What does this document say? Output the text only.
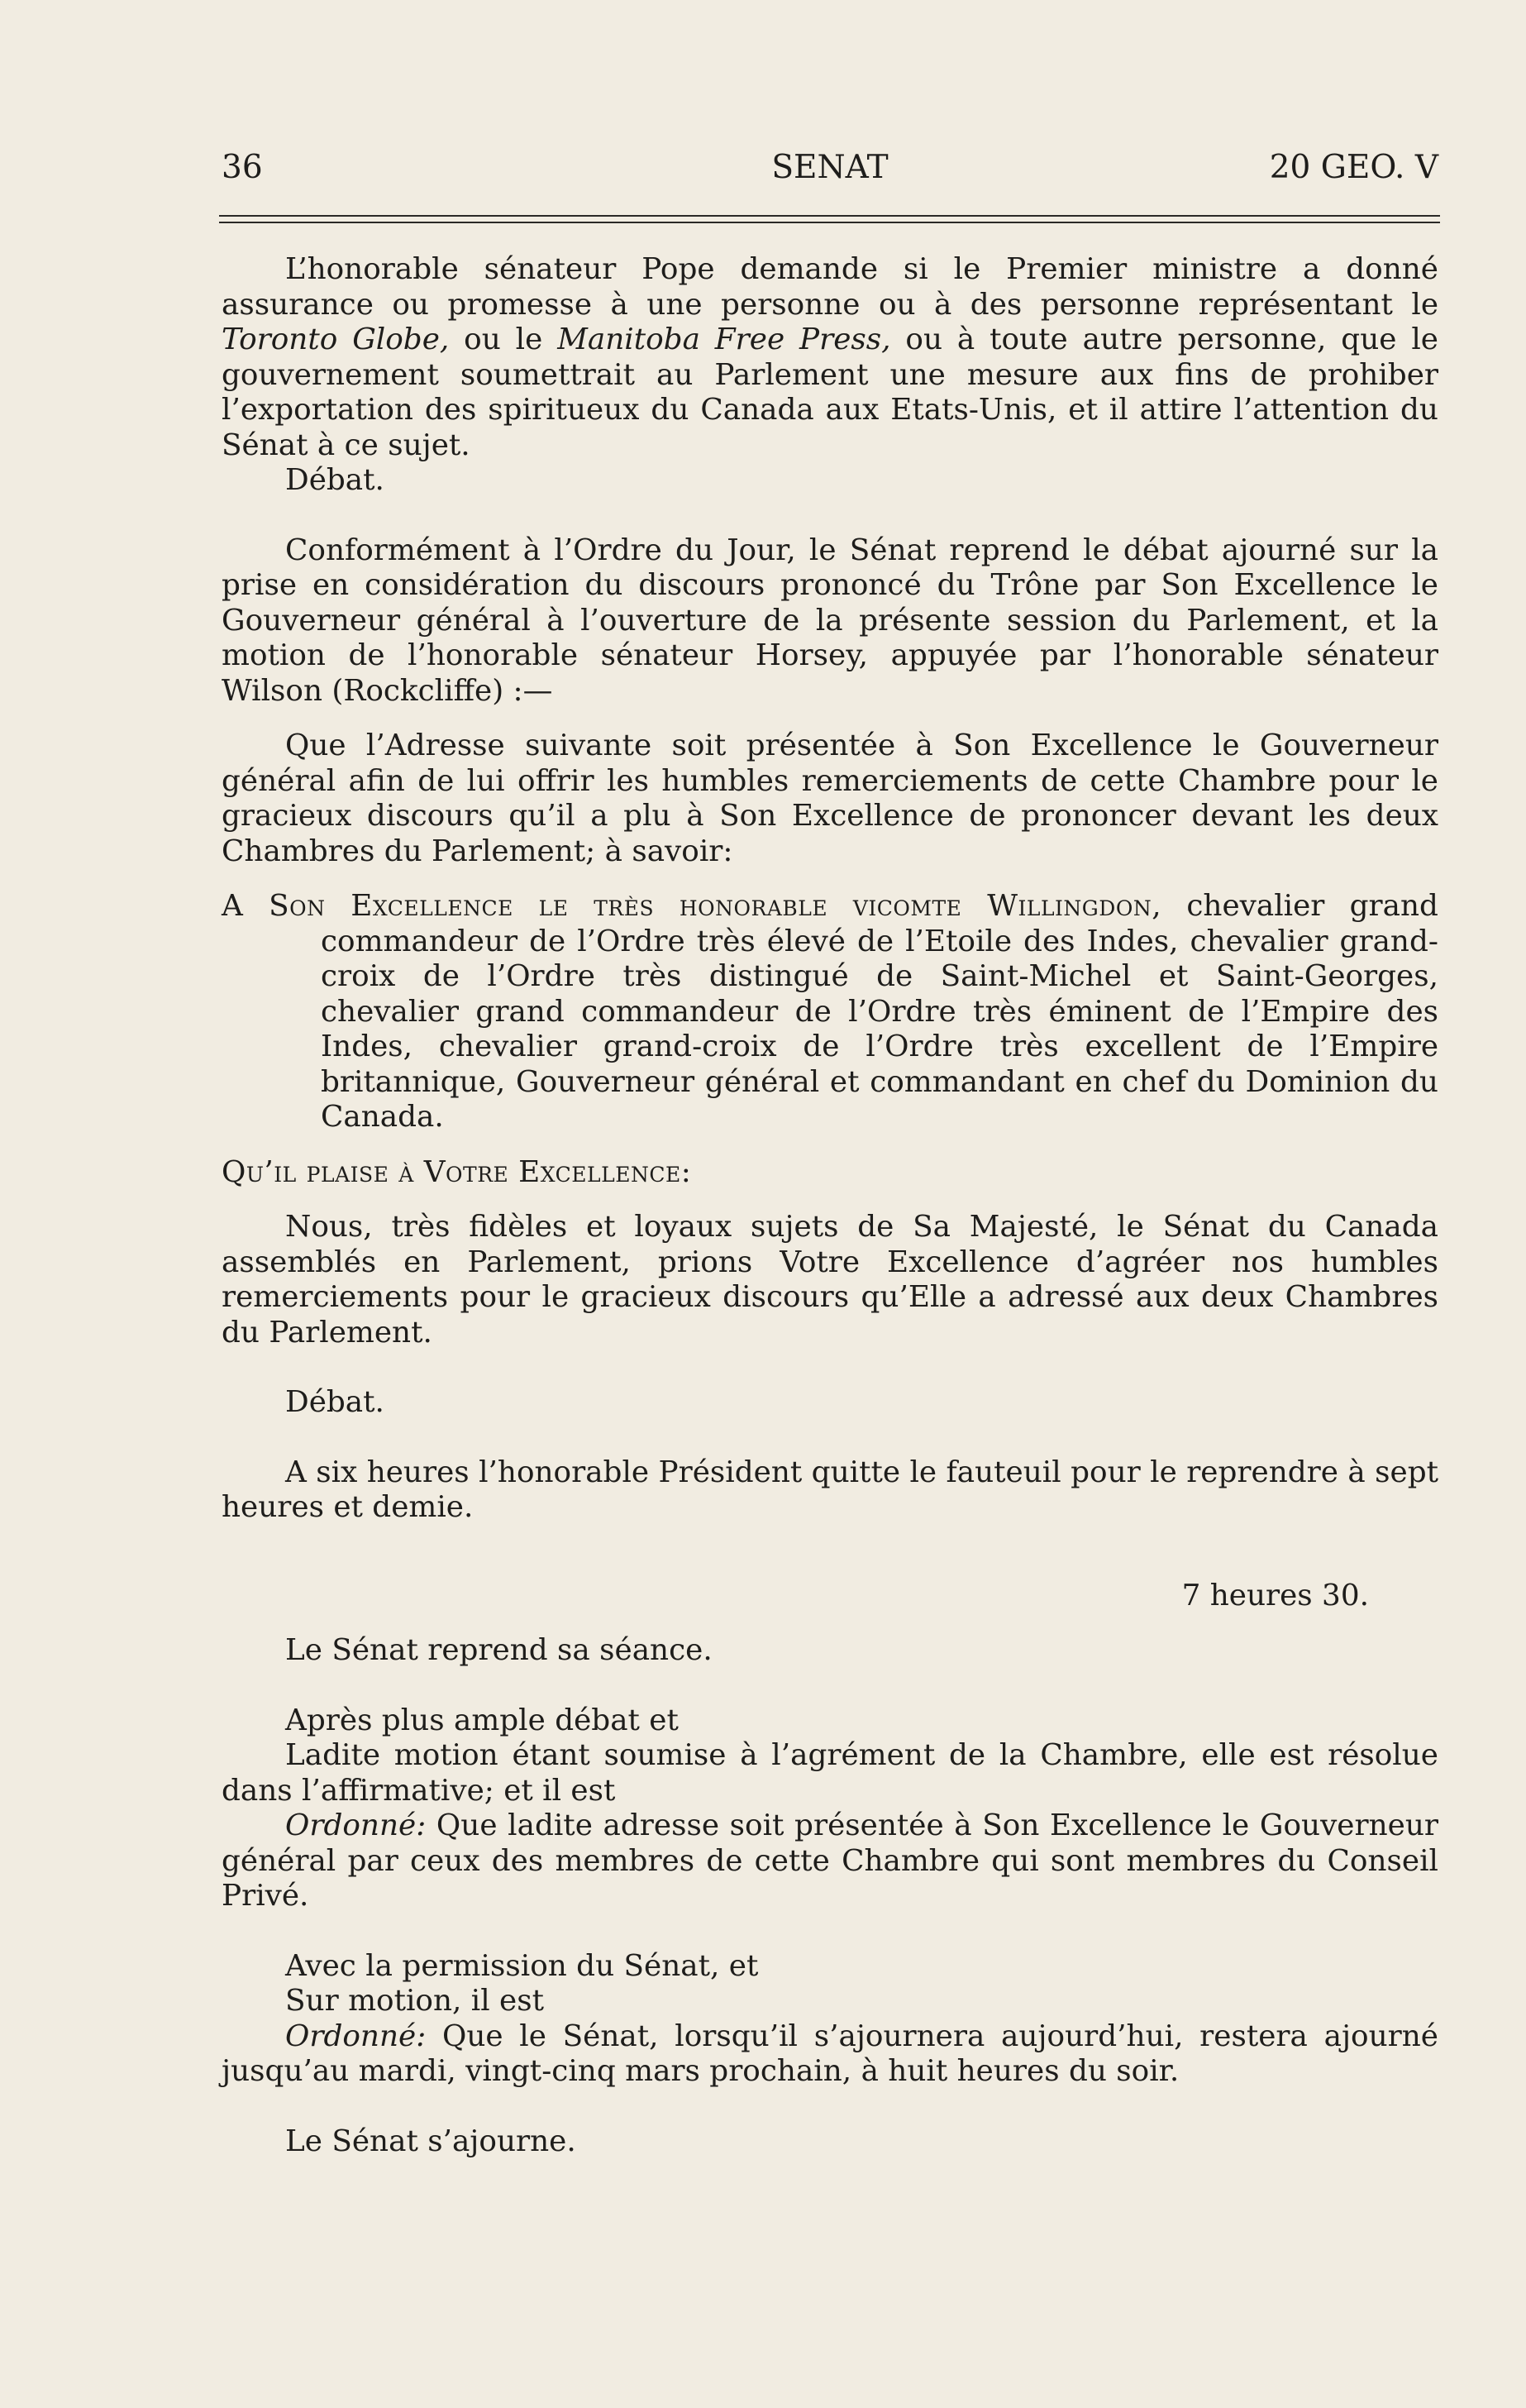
36	SENAT	20 GEO. V

L’honorable sénateur Pope demande si le Premier ministre a donné assurance ou promesse à une personne ou à des personne représentant le Toronto Globe, ou le Manitoba Free Press, ou à toute autre personne, que le gouvernement soumettrait au Parlement une mesure aux fins de prohiber l’exportation des spiritueux du Canada aux Etats-Unis, et il attire l’attention du Sénat à ce sujet.

Débat.

Conformément à l’Ordre du Jour, le Sénat reprend le débat ajourné sur la prise en considération du discours prononcé du Trône par Son Excellence le Gouverneur général à l’ouverture de la présente session du Parlement, et la motion de l’honorable sénateur Horsey, appuyée par l’honorable sénateur Wilson (Rockcliffe) :—

Que l’Adresse suivante soit présentée à Son Excellence le Gouverneur général afin de lui offrir les humbles remerciements de cette Chambre pour le gracieux discours qu’il a plu à Son Excellence de prononcer devant les deux Chambres du Parlement; à savoir:

A Son Excellence le très honorable vicomte Willingdon, chevalier grand commandeur de l’Ordre très élevé de l’Etoile des Indes, chevalier grand-croix de l’Ordre très distingué de Saint-Michel et Saint-Georges, chevalier grand commandeur de l’Ordre très éminent de l’Empire des Indes, chevalier grand-croix de l’Ordre très excellent de l’Empire britannique, Gouverneur général et commandant en chef du Dominion du Canada.

Qu’il plaise à Votre Excellence:

Nous, très fidèles et loyaux sujets de Sa Majesté, le Sénat du Canada assemblés en Parlement, prions Votre Excellence d’agréer nos humbles remerciements pour le gracieux discours qu’Elle a adressé aux deux Chambres du Parlement.

Débat.

A six heures l’honorable Président quitte le fauteuil pour le reprendre à sept heures et demie.

7 heures 30.

Le Sénat reprend sa séance.

Après plus ample débat et

Ladite motion étant soumise à l’agrément de la Chambre, elle est résolue dans l’affirmative; et il est

Ordonné: Que ladite adresse soit présentée à Son Excellence le Gouverneur général par ceux des membres de cette Chambre qui sont membres du Conseil Privé.

Avec la permission du Sénat, et

Sur motion, il est

Ordonné: Que le Sénat, lorsqu’il s’ajournera aujourd’hui, restera ajourné jusqu’au mardi, vingt-cinq mars prochain, à huit heures du soir.

Le Sénat s’ajourne.
